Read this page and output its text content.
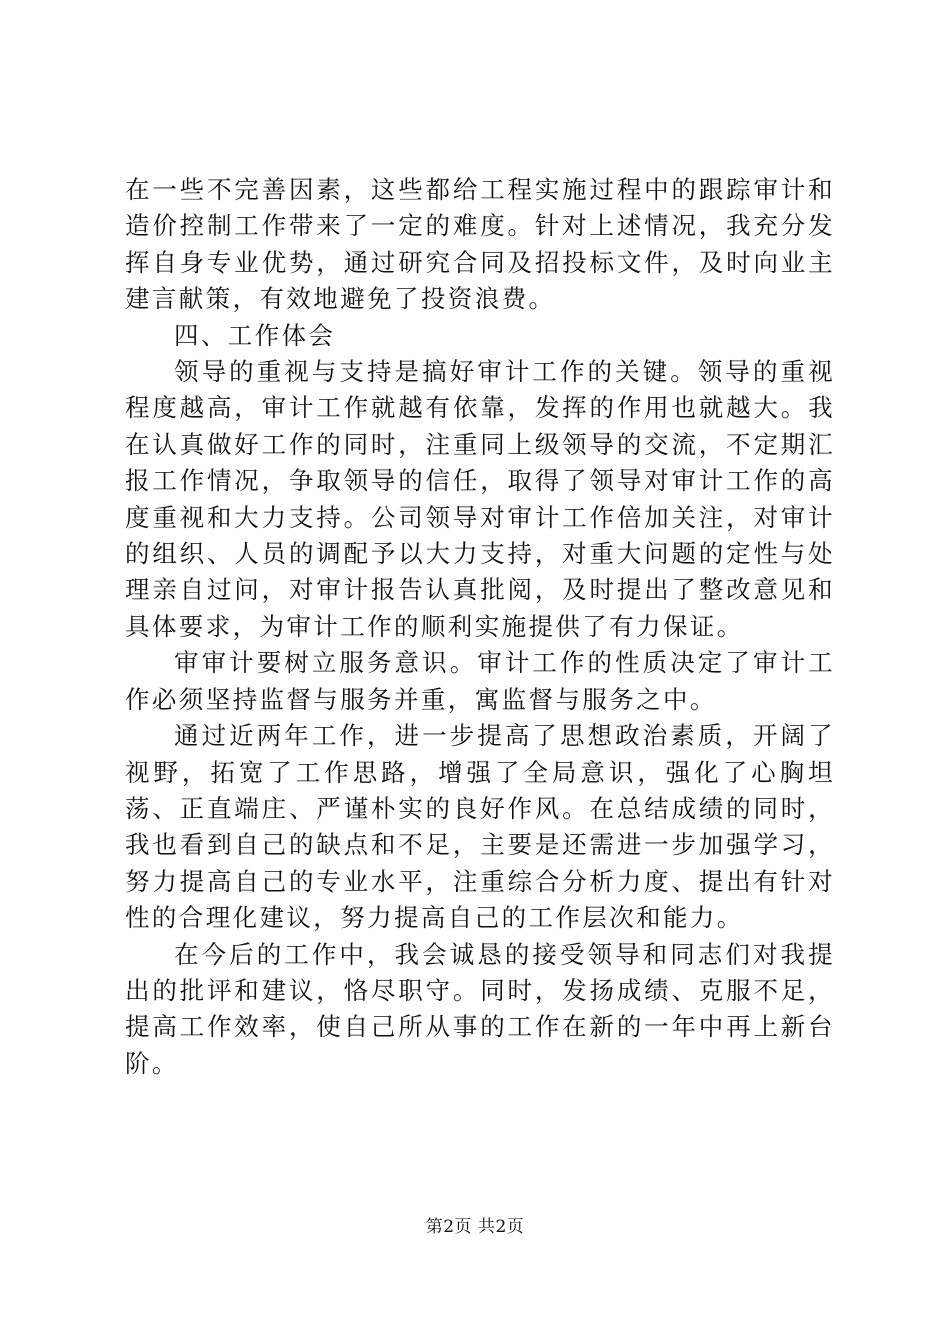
在一些不完善因素，这些都给工程实施过程中的跟踪审计和造价控制工作带来了一定的难度。针对上述情况，我充分发挥自身专业优势，通过研究合同及招投标文件，及时向业主建言献策，有效地避免了投资浪费。

四、工作体会

领导的重视与支持是搞好审计工作的关键。领导的重视程度越高，审计工作就越有依靠，发挥的作用也就越大。我在认真做好工作的同时，注重同上级领导的交流，不定期汇报工作情况，争取领导的信任，取得了领导对审计工作的高度重视和大力支持。公司领导对审计工作倍加关注，对审计的组织、人员的调配予以大力支持，对重大问题的定性与处理亲自过问，对审计报告认真批阅，及时提出了整改意见和具体要求，为审计工作的顺利实施提供了有力保证。

审审计要树立服务意识。审计工作的性质决定了审计工作必须坚持监督与服务并重，寓监督与服务之中。

通过近两年工作，进一步提高了思想政治素质，开阔了视野，拓宽了工作思路，增强了全局意识，强化了心胸坦荡、正直端庄、严谨朴实的良好作风。在总结成绩的同时，我也看到自己的缺点和不足，主要是还需进一步加强学习，努力提高自己的专业水平，注重综合分析力度、提出有针对性的合理化建议，努力提高自己的工作层次和能力。

在今后的工作中，我会诚恳的接受领导和同志们对我提出的批评和建议，恪尽职守。同时，发扬成绩、克服不足，提高工作效率，使自己所从事的工作在新的一年中再上新台阶。

第2页 共2页
